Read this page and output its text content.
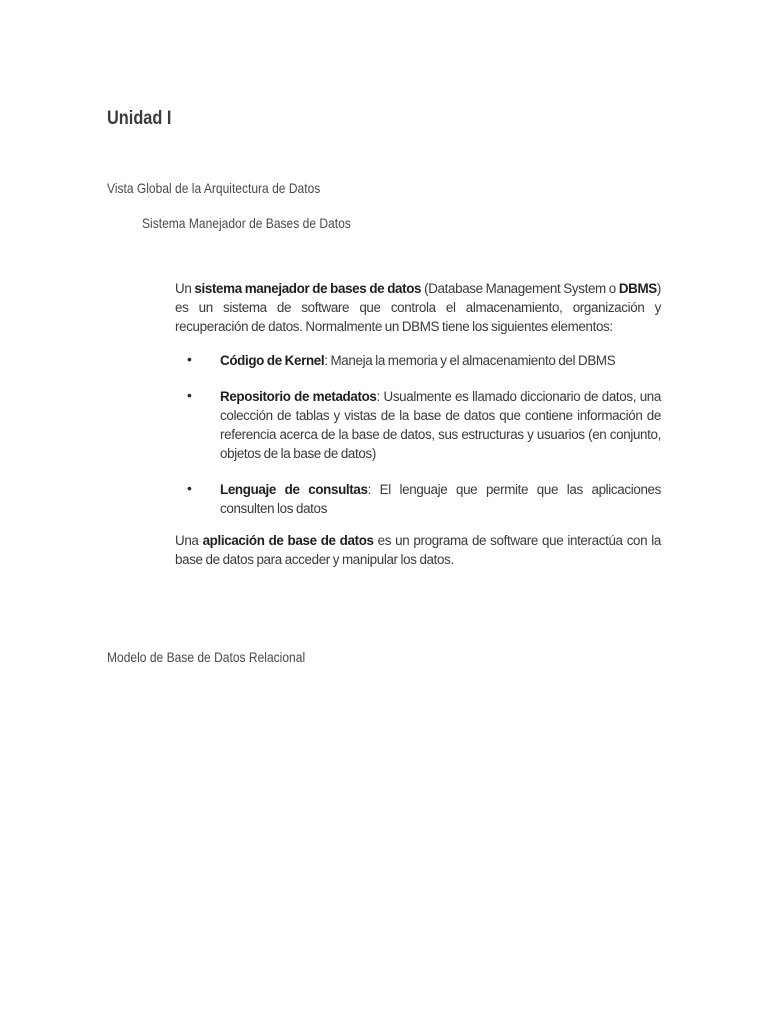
Unidad I
Vista Global de la Arquitectura de Datos
Sistema Manejador de Bases de Datos

Un sistema manejador de bases de datos (Database Management System o DBMS) es un sistema de software que controla el almacenamiento, organización y recuperación de datos. Normalmente un DBMS tiene los siguientes elementos:

• Código de Kernel: Maneja la memoria y el almacenamiento del DBMS
• Repositorio de metadatos: Usualmente es llamado diccionario de datos, una colección de tablas y vistas de la base de datos que contiene información de referencia acerca de la base de datos, sus estructuras y usuarios (en conjunto, objetos de la base de datos)
• Lenguaje de consultas: El lenguaje que permite que las aplicaciones consulten los datos

Una aplicación de base de datos es un programa de software que interactúa con la base de datos para acceder y manipular los datos.

Modelo de Base de Datos Relacional
